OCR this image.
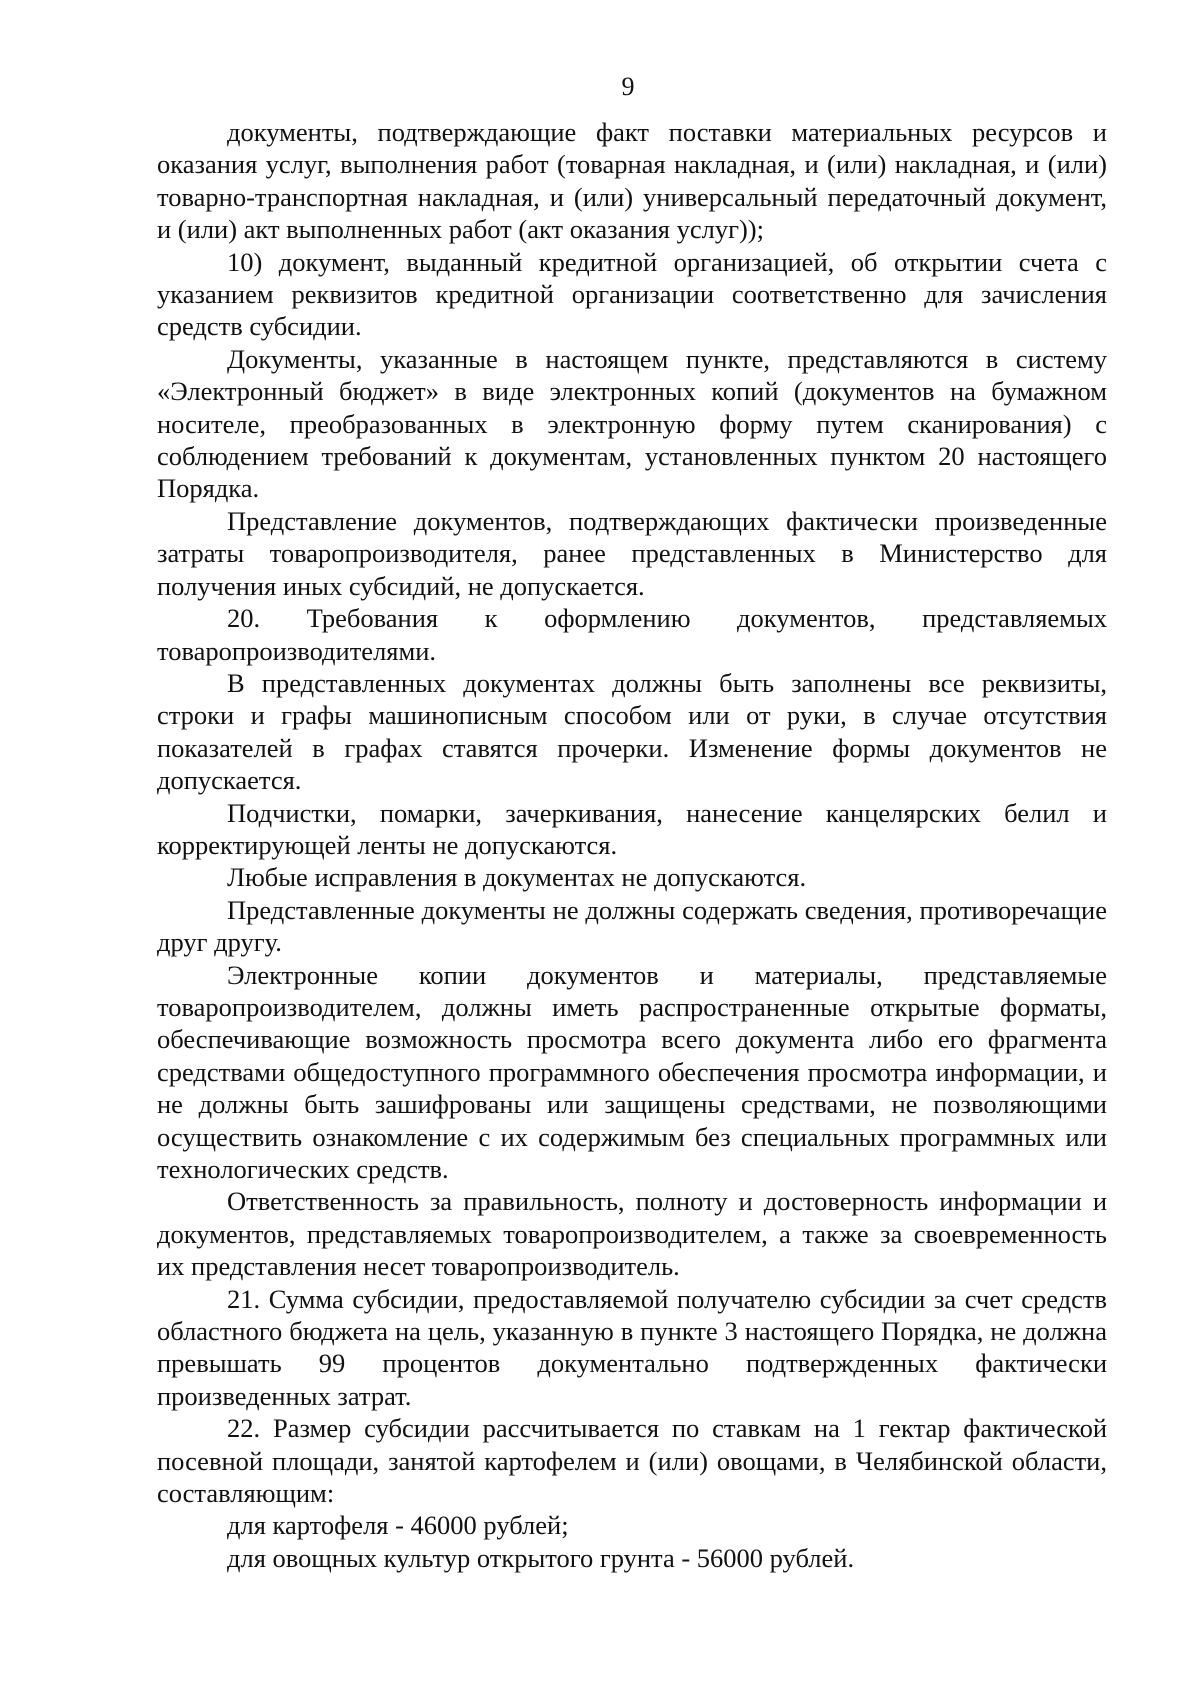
9

документы, подтверждающие факт поставки материальных ресурсов и оказания услуг, выполнения работ (товарная накладная, и (или) накладная, и (или) товарно-транспортная накладная, и (или) универсальный передаточный документ, и (или) акт выполненных работ (акт оказания услуг));

10) документ, выданный кредитной организацией, об открытии счета с указанием реквизитов кредитной организации соответственно для зачисления средств субсидии.

Документы, указанные в настоящем пункте, представляются в систему «Электронный бюджет» в виде электронных копий (документов на бумажном носителе, преобразованных в электронную форму путем сканирования) с соблюдением требований к документам, установленных пунктом 20 настоящего Порядка.

Представление документов, подтверждающих фактически произведенные затраты товаропроизводителя, ранее представленных в Министерство для получения иных субсидий, не допускается.

20. Требования к оформлению документов, представляемых товаропроизводителями.

В представленных документах должны быть заполнены все реквизиты, строки и графы машинописным способом или от руки, в случае отсутствия показателей в графах ставятся прочерки. Изменение формы документов не допускается.

Подчистки, помарки, зачеркивания, нанесение канцелярских белил и корректирующей ленты не допускаются.

Любые исправления в документах не допускаются.

Представленные документы не должны содержать сведения, противоречащие друг другу.

Электронные копии документов и материалы, представляемые товаропроизводителем, должны иметь распространенные открытые форматы, обеспечивающие возможность просмотра всего документа либо его фрагмента средствами общедоступного программного обеспечения просмотра информации, и не должны быть зашифрованы или защищены средствами, не позволяющими осуществить ознакомление с их содержимым без специальных программных или технологических средств.

Ответственность за правильность, полноту и достоверность информации и документов, представляемых товаропроизводителем, а также за своевременность их представления несет товаропроизводитель.

21. Сумма субсидии, предоставляемой получателю субсидии за счет средств областного бюджета на цель, указанную в пункте 3 настоящего Порядка, не должна превышать 99 процентов документально подтвержденных фактически произведенных затрат.

22. Размер субсидии рассчитывается по ставкам на 1 гектар фактической посевной площади, занятой картофелем и (или) овощами, в Челябинской области, составляющим:

для картофеля - 46000 рублей;

для овощных культур открытого грунта - 56000 рублей.
